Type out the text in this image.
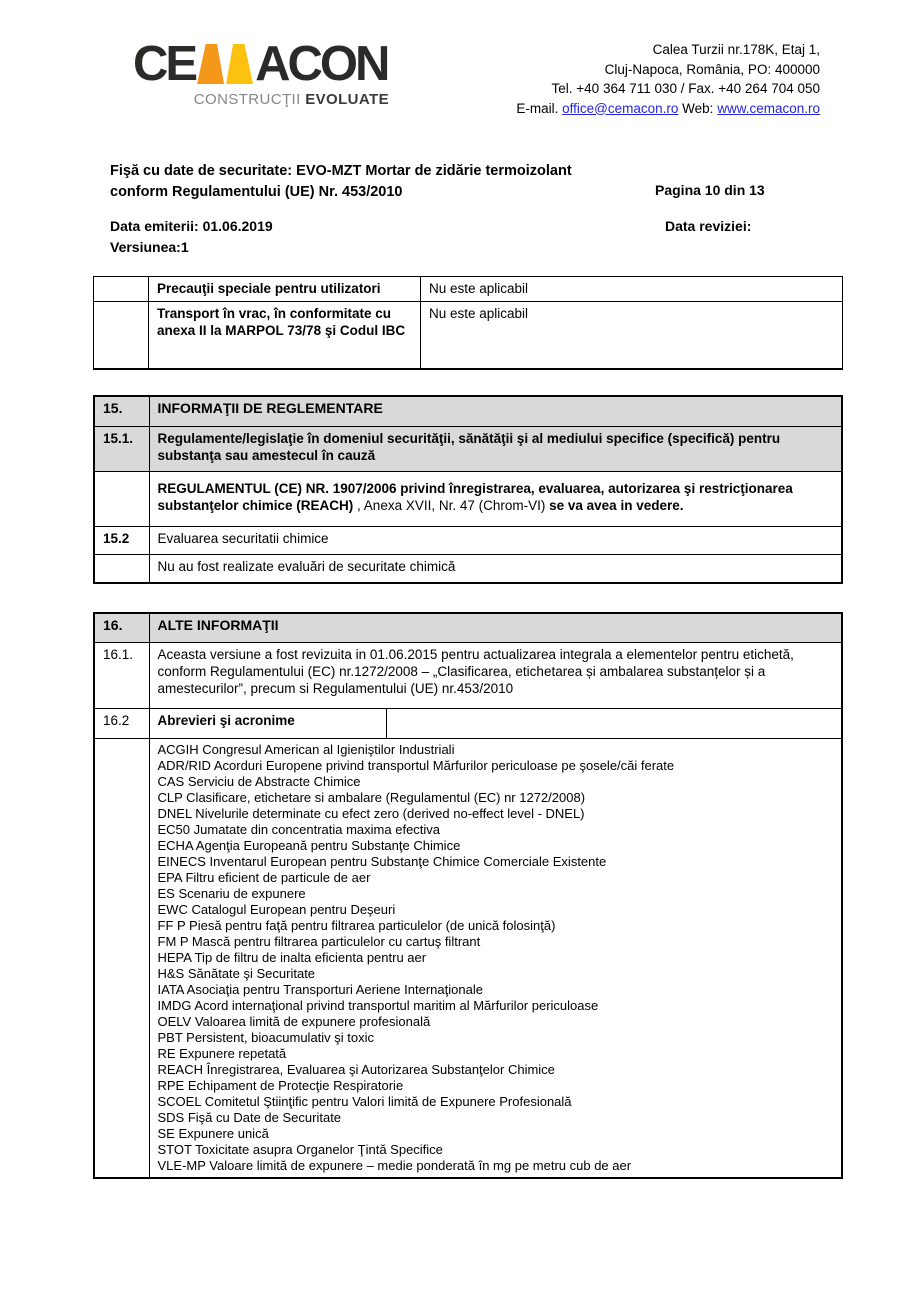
CE ACON
CONSTRUCŢII EVOLUATE
Calea Turzii nr.178K, Etaj 1,
Cluj-Napoca, România, PO: 400000
Tel. +40 364 711 030 / Fax. +40 264 704 050
E-mail. office@cemacon.ro Web: www.cemacon.ro
Fişă cu date de securitate: EVO-MZT Mortar de zidărie termoizolant
conform Regulamentului (UE) Nr. 453/2010	Pagina 10 din 13
Data emiterii: 01.06.2019	Data reviziei:
Versiunea:1
	Precauţii speciale pentru utilizatori	Nu este aplicabil
	Transport în vrac, în conformitate cu anexa II la MARPOL 73/78 şi Codul IBC	Nu este aplicabil
15.	INFORMAŢII DE REGLEMENTARE
15.1.	Regulamente/legislaţie în domeniul securităţii, sănătăţii şi al mediului specifice (specifică) pentru substanţa sau amestecul în cauză
	REGULAMENTUL (CE) NR. 1907/2006 privind înregistrarea, evaluarea, autorizarea şi restricţionarea substanţelor chimice (REACH) , Anexa XVII, Nr. 47 (Chrom-VI) se va avea in vedere.
15.2	Evaluarea securitatii chimice
	Nu au fost realizate evaluări de securitate chimică
16.	ALTE INFORMAŢII	
16.1.	Aceasta versiune a fost revizuita in 01.06.2015 pentru actualizarea integrala a elementelor pentru etichetă, conform Regulamentului (EC) nr.1272/2008 – „Clasificarea, etichetarea și ambalarea substanțelor și a amestecurilor”, precum si Regulamentului (UE) nr.453/2010	
16.2	Abrevieri şi acronime	

ACGIH Congresul American al Igieniştilor Industriali
ADR/RID Acorduri Europene privind transportul Mărfurilor periculoase pe şosele/căi ferate
CAS Serviciu de Abstracte Chimice
CLP Clasificare, etichetare si ambalare (Regulamentul (EC) nr 1272/2008)
DNEL Nivelurile determinate cu efect zero (derived no-effect level - DNEL)
EC50 Jumatate din concentratia maxima efectiva
ECHA Agenţia Europeană pentru Substanţe Chimice
EINECS Inventarul European pentru Substanţe Chimice Comerciale Existente
EPA Filtru eficient de particule de aer
ES Scenariu de expunere
EWC Catalogul European pentru Deşeuri
FF P Piesă pentru faţă pentru filtrarea particulelor (de unică folosinţă)
FM P Mască pentru filtrarea particulelor cu cartuş filtrant
HEPA Tip de filtru de inalta eficienta pentru aer
H&S Sănătate şi Securitate
IATA Asociaţia pentru Transporturi Aeriene Internaţionale
IMDG Acord internaţional privind transportul maritim al Mărfurilor periculoase
OELV Valoarea limită de expunere profesională
PBT Persistent, bioacumulativ şi toxic
RE Expunere repetată
REACH Înregistrarea, Evaluarea şi Autorizarea Substanţelor Chimice
RPE Echipament de Protecţie Respiratorie
SCOEL Comitetul Ştiinţific pentru Valori limită de Expunere Profesională
SDS Fişă cu Date de Securitate
SE Expunere unică
STOT Toxicitate asupra Organelor Ţintă Specifice
VLE-MP Valoare limită de expunere – medie ponderată în mg pe metru cub de aer
